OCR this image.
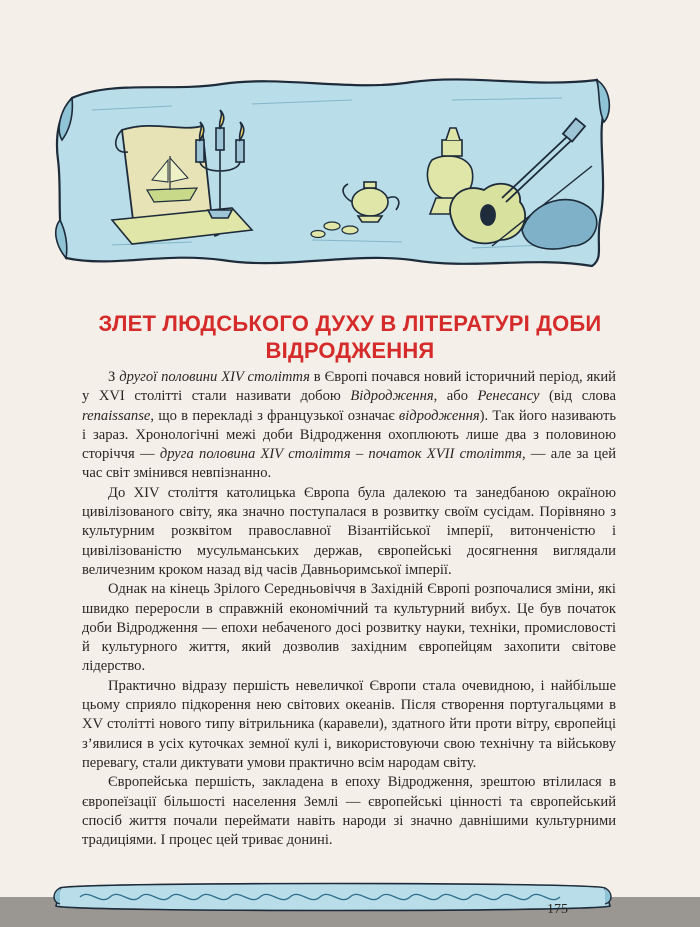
ЗЛЕТ ЛЮДСЬКОГО ДУХУ В ЛІТЕРАТУРІ ДОБИ
ВІДРОДЖЕННЯ

З другої половини XIV століття в Європі почався новий історичний період, який у XVI столітті стали називати добою Відродження, або Ренесансу (від слова renaissanse, що в перекладі з французької означає відродження). Так його називають і зараз. Хронологічні межі доби Відродження охоплюють лише два з половиною сторіччя — друга половина XIV століття – початок XVII століття, — але за цей час світ змінився невпізнанно.

До XIV століття католицька Європа була далекою та занедбаною окраїною цивілізованого світу, яка значно поступалася в розвитку своїм сусідам. Порівняно з культурним розквітом православної Візантійської імперії, витонченістю і цивілізованістю мусульманських держав, європейські досягнення виглядали величезним кроком назад від часів Давньоримської імперії.

Однак на кінець Зрілого Середньовіччя в Західній Європі розпочалися зміни, які швидко переросли в справжній економічний та культурний вибух. Це був початок доби Відродження — епохи небаченого досі розвитку науки, техніки, промисловості й культурного життя, який дозволив західним європейцям захопити світове лідерство.

Практично відразу першість невеличкої Європи стала очевидною, і найбільше цьому сприяло підкорення нею світових океанів. Після створення португальцями в XV столітті нового типу вітрильника (каравели), здатного йти проти вітру, європейці з’явилися в усіх куточках земної кулі і, використовуючи свою технічну та військову перевагу, стали диктувати умови практично всім народам світу.

Європейська першість, закладена в епоху Відродження, зрештою втілилася в європеїзації більшості населення Землі — європейські цінності та європейський спосіб життя почали переймати навіть народи зі значно давнішими культурними традиціями. І процес цей триває донині.

175
